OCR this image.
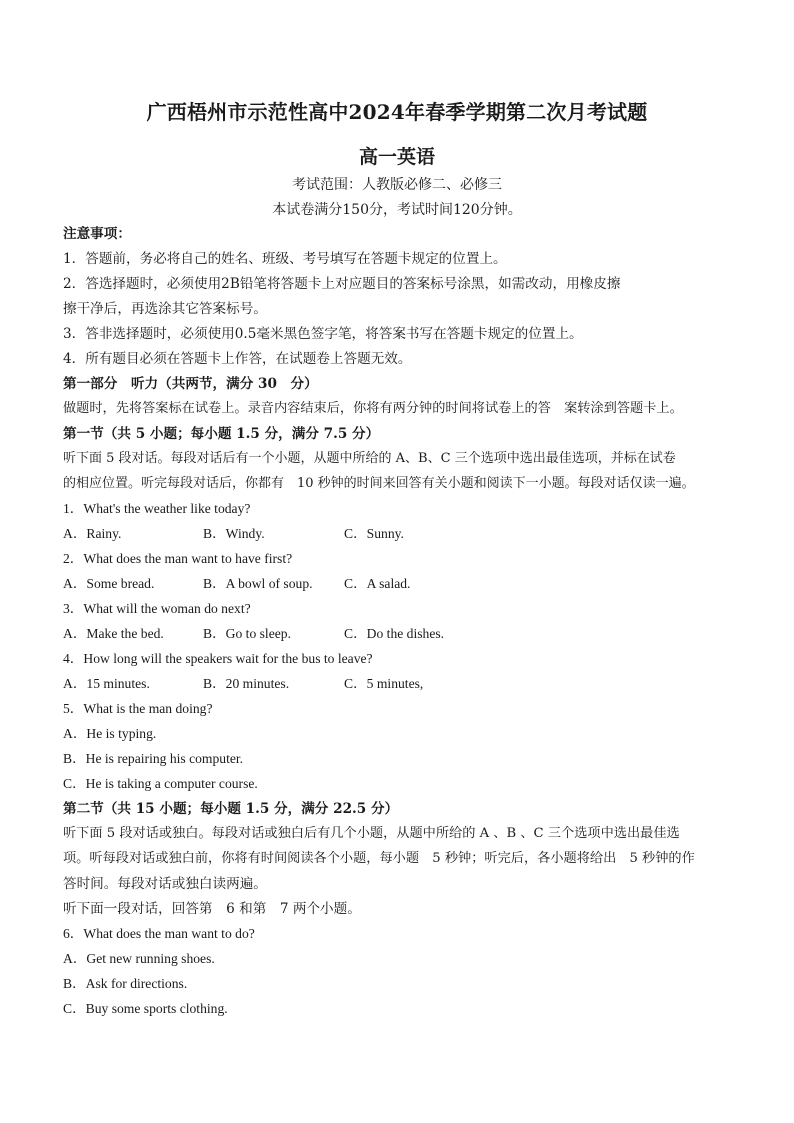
广西梧州市示范性高中2024年春季学期第二次月考试题
高一英语
考试范围：人教版必修二、必修三
本试卷满分150分，考试时间120分钟。
注意事项：
1．答题前，务必将自己的姓名、班级、考号填写在答题卡规定的位置上。
2．答选择题时，必须使用2B铅笔将答题卡上对应题目的答案标号涂黑，如需改动，用橡皮擦
擦干净后，再选涂其它答案标号。
3．答非选择题时，必须使用0.5毫米黑色签字笔，将答案书写在答题卡规定的位置上。
4．所有题目必须在答题卡上作答，在试题卷上答题无效。
第一部分　听力（共两节，满分 30　分）
做题时，先将答案标在试卷上。录音内容结束后，你将有两分钟的时间将试卷上的答　案转涂到答题卡上。
第一节（共 5 小题；每小题 1.5 分，满分 7.5 分）
听下面 5 段对话。每段对话后有一个小题，从题中所给的 A、B、C 三个选项中选出最佳选项，并标在试卷
的相应位置。听完每段对话后，你都有　10 秒钟的时间来回答有关小题和阅读下一小题。每段对话仅读一遍。
1．What's the weather like today?
A．Rainy.	B．Windy.	C．Sunny.
2．What does the man want to have first?
A．Some bread.	B．A bowl of soup. C．A salad.
3．What will the woman do next?
A．Make the bed.	B．Go to sleep.	C．Do the dishes.
4．How long will the speakers wait for the bus to leave?
A．15 minutes.	B．20 minutes.	C．5 minutes,
5．What is the man doing?
A．He is typing.
B．He is repairing his computer.
C．He is taking a computer course.
第二节（共 15 小题；每小题 1.5 分，满分 22.5 分）
听下面 5 段对话或独白。每段对话或独白后有几个小题，从题中所给的 A 、B 、C 三个选项中选出最佳选
项。听每段对话或独白前，你将有时间阅读各个小题，每小题　5 秒钟；听完后，各小题将给出　5 秒钟的作
答时间。每段对话或独白读两遍。
听下面一段对话，回答第　6 和第　7 两个小题。
6．What does the man want to do?
A．Get new running shoes.
B．Ask for directions.
C．Buy some sports clothing.
